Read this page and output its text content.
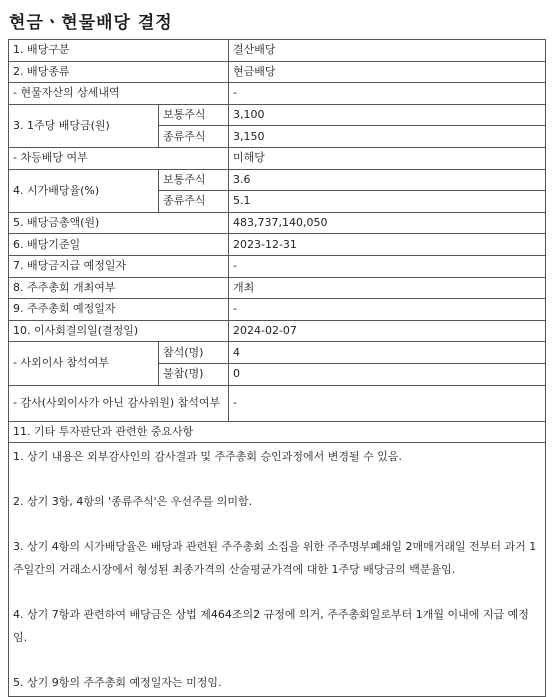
현금ㆍ현물배당 결정
1. 배당구분		결산배당
2. 배당종류		현금배당
- 현물자산의 상세내역		-
3. 1주당 배당금(원)	보통주식	3,100
	종류주식	3,150
- 차등배당 여부		미해당
4. 시가배당율(%)	보통주식	3.6
	종류주식	5.1
5. 배당금총액(원)		483,737,140,050
6. 배당기준일		2023-12-31
7. 배당금지급 예정일자		-
8. 주주총회 개최여부		개최
9. 주주총회 예정일자		-
10. 이사회결의일(결정일)		2024-02-07
- 사외이사 참석여부	참석(명)	4
	불참(명)	0
- 감사(사외이사가 아닌 감사위원) 참석여부		-
11. 기타 투자판단과 관련한 중요사항		

1. 상기 내용은 외부감사인의 감사결과 및 주주총회 승인과정에서 변경될 수 있음.

2. 상기 3항, 4항의 '종류주식'은 우선주를 의미함.

3. 상기 4항의 시가배당율은 배당과 관련된 주주총회 소집을 위한 주주명부폐쇄일 2매매거래일 전부터 과거 1주일간의 거래소시장에서 형성된 최종가격의 산술평균가격에 대한 1주당 배당금의 백분율임.

4. 상기 7항과 관련하여 배당금은 상법 제464조의2 규정에 의거, 주주총회일로부터 1개월 이내에 지급 예정임.

5. 상기 9항의 주주총회 예정일자는 미정임.		
